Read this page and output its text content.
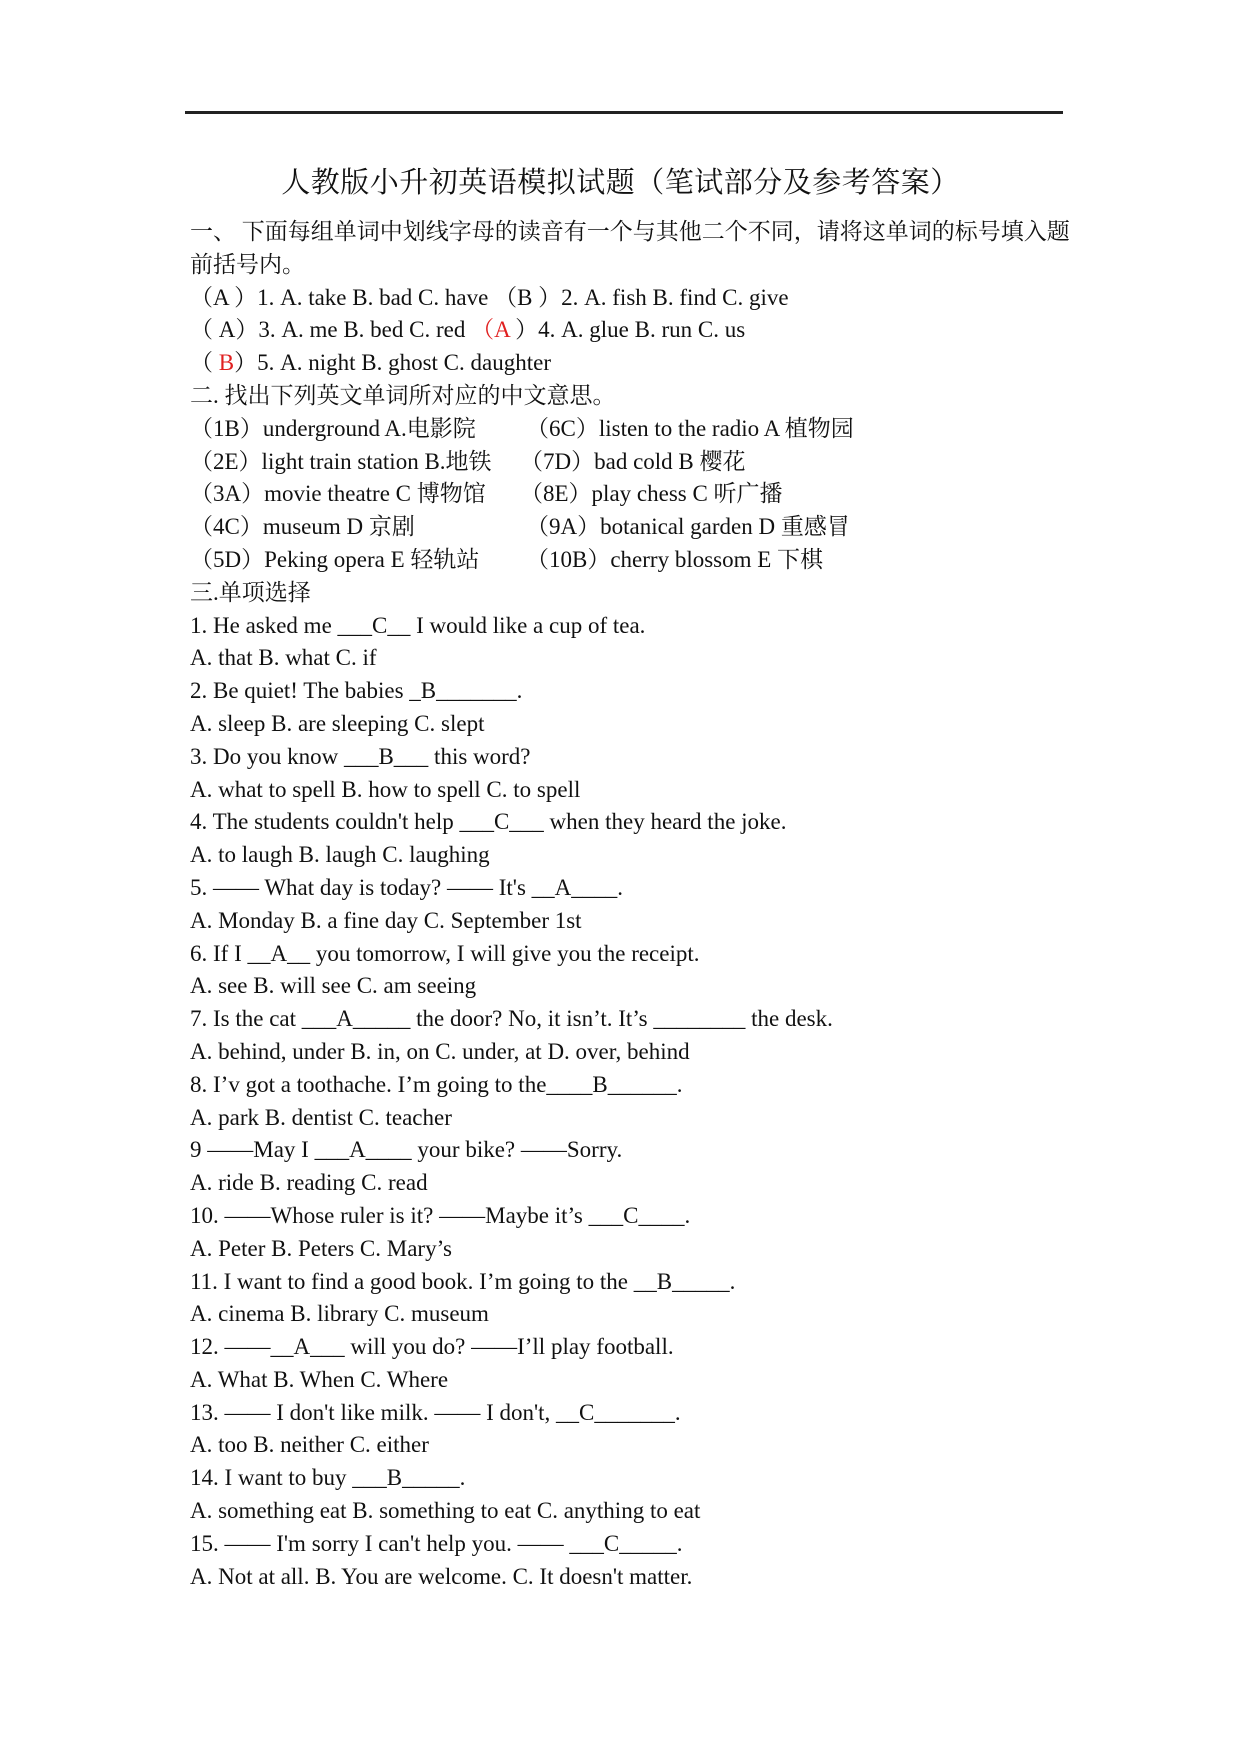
人教版小升初英语模拟试题（笔试部分及参考答案）
一、 下面每组单词中划线字母的读音有一个与其他二个不同，请将这单词的标号填入题前括号内。
（A ）1. A. take B. bad C. have （B ）2. A. fish B. find C. give
（ A）3. A. me B. bed C. red （A ）4. A. glue B. run C. us
（ B）5. A. night B. ghost C. daughter
二. 找出下列英文单词所对应的中文意思。
（1B）underground A.电影院 （6C）listen to the radio A 植物园
（2E）light train station B.地铁 （7D）bad cold B 樱花
（3A）movie theatre C 博物馆 （8E）play chess C 听广播
（4C）museum D 京剧	（9A）botanical garden D 重感冒
（5D）Peking opera E 轻轨站 （10B）cherry blossom E 下棋
三.单项选择
1. He asked me ___C__ I would like a cup of tea.
A. that B. what C. if
2. Be quiet! The babies _B_______.
A. sleep B. are sleeping C. slept
3. Do you know ___B___ this word?
A. what to spell B. how to spell C. to spell
4. The students couldn't help ___C___ when they heard the joke.
A. to laugh B. laugh C. laughing
5. —— What day is today? —— It's __A____.
A. Monday B. a fine day C. September 1st
6. If I __A__ you tomorrow, I will give you the receipt.
A. see B. will see C. am seeing
7. Is the cat ___A_____ the door? No, it isn’t. It’s ________ the desk.
A. behind, under B. in, on C. under, at D. over, behind
8. I’v got a toothache. I’m going to the____B______.
A. park B. dentist C. teacher
9 ——May I ___A____ your bike? ——Sorry.
A. ride B. reading C. read
10. ——Whose ruler is it? ——Maybe it’s ___C____.
A. Peter B. Peters C. Mary’s
11. I want to find a good book. I’m going to the __B_____.
A. cinema B. library C. museum
12. ——__A___ will you do? ——I’ll play football.
A. What B. When C. Where
13. —— I don't like milk. —— I don't, __C_______.
A. too B. neither C. either
14. I want to buy ___B_____.
A. something eat B. something to eat C. anything to eat
15. —— I'm sorry I can't help you. —— ___C_____.
A. Not at all. B. You are welcome. C. It doesn't matter.
